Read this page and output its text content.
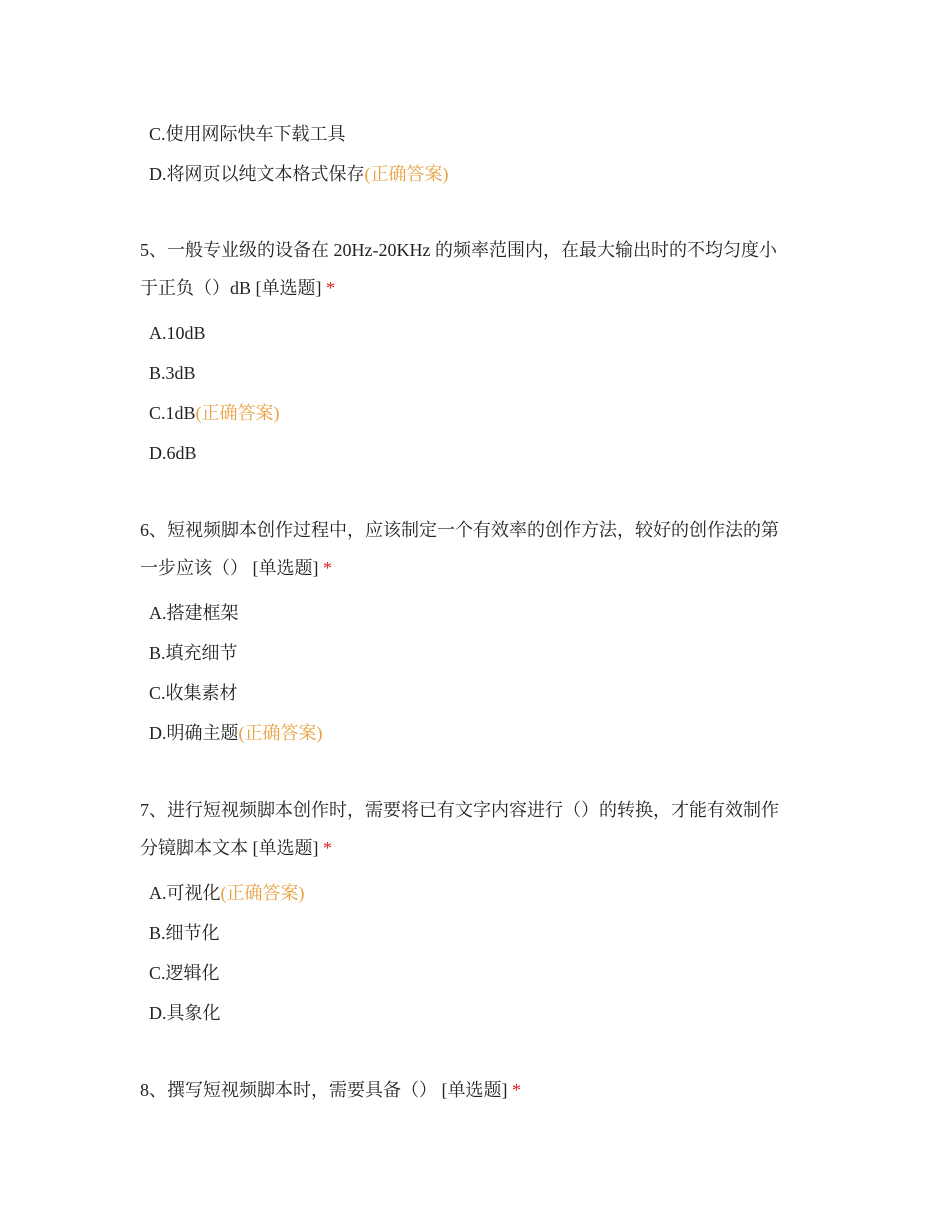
C.使用网际快车下载工具
D.将网页以纯文本格式保存(正确答案)
5、一般专业级的设备在 20Hz-20KHz 的频率范围内，在最大输出时的不均匀度小
于正负（）dB [单选题] *
A.10dB
B.3dB
C.1dB(正确答案)
D.6dB
6、短视频脚本创作过程中，应该制定一个有效率的创作方法，较好的创作法的第
一步应该（） [单选题] *
A.搭建框架
B.填充细节
C.收集素材
D.明确主题(正确答案)
7、进行短视频脚本创作时，需要将已有文字内容进行（）的转换，才能有效制作
分镜脚本文本 [单选题] *
A.可视化(正确答案)
B.细节化
C.逻辑化
D.具象化
8、撰写短视频脚本时，需要具备（） [单选题] *
